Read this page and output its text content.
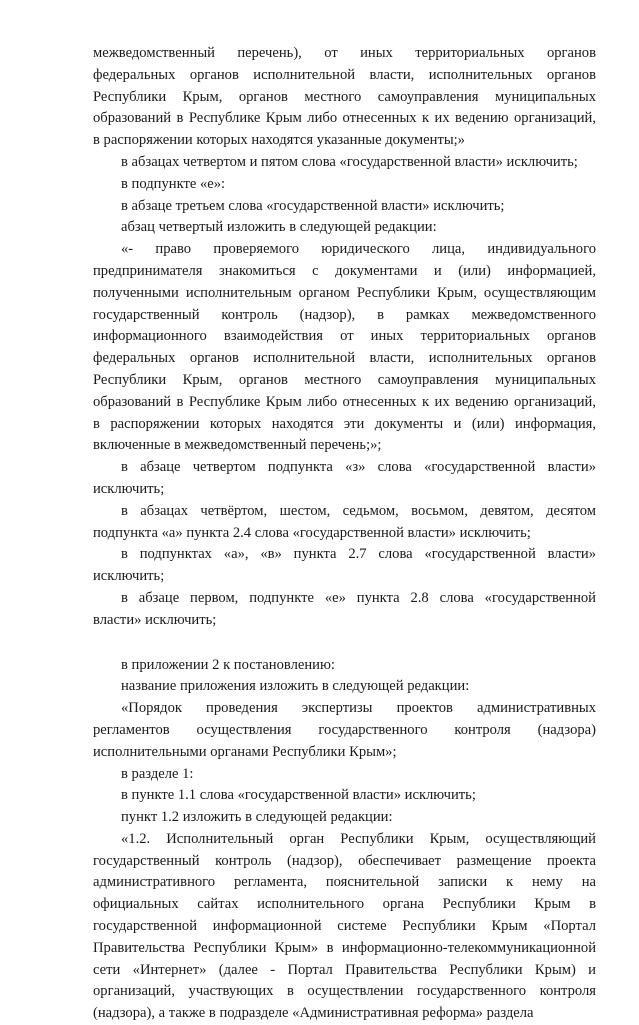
межведомственный перечень), от иных территориальных органов
федеральных органов исполнительной власти, исполнительных органов
Республики Крым, органов местного самоуправления муниципальных
образований в Республике Крым либо отнесенных к их ведению организаций,
в распоряжении которых находятся указанные документы;»
в абзацах четвертом и пятом слова «государственной власти» исключить;
в подпункте «е»:
в абзаце третьем слова «государственной власти» исключить;
абзац четвертый изложить в следующей редакции:
«- право проверяемого юридического лица, индивидуального
предпринимателя знакомиться с документами и (или) информацией,
полученными исполнительным органом Республики Крым, осуществляющим
государственный контроль (надзор), в рамках межведомственного
информационного взаимодействия от иных территориальных органов
федеральных органов исполнительной власти, исполнительных органов
Республики Крым, органов местного самоуправления муниципальных
образований в Республике Крым либо отнесенных к их ведению организаций,
в распоряжении которых находятся эти документы и (или) информация,
включенные в межведомственный перечень;»;
в абзаце четвертом подпункта «з» слова «государственной власти»
исключить;
в абзацах четвёртом, шестом, седьмом, восьмом, девятом, десятом
подпункта «а» пункта 2.4 слова «государственной власти» исключить;
в подпунктах «а», «в» пункта 2.7 слова «государственной власти»
исключить;
в абзаце первом, подпункте «е» пункта 2.8 слова «государственной
власти» исключить;
в приложении 2 к постановлению:
название приложения изложить в следующей редакции:
«Порядок проведения экспертизы проектов административных
регламентов осуществления государственного контроля (надзора)
исполнительными органами Республики Крым»;
в разделе 1:
в пункте 1.1 слова «государственной власти» исключить;
пункт 1.2 изложить в следующей редакции:
«1.2. Исполнительный орган Республики Крым, осуществляющий
государственный контроль (надзор), обеспечивает размещение проекта
административного регламента, пояснительной записки к нему на
официальных сайтах исполнительного органа Республики Крым в
государственной информационной системе Республики Крым «Портал
Правительства Республики Крым» в информационно-телекоммуникационной
сети «Интернет» (далее - Портал Правительства Республики Крым) и
организаций, участвующих в осуществлении государственного контроля
(надзора), а также в подразделе «Административная реформа» раздела
